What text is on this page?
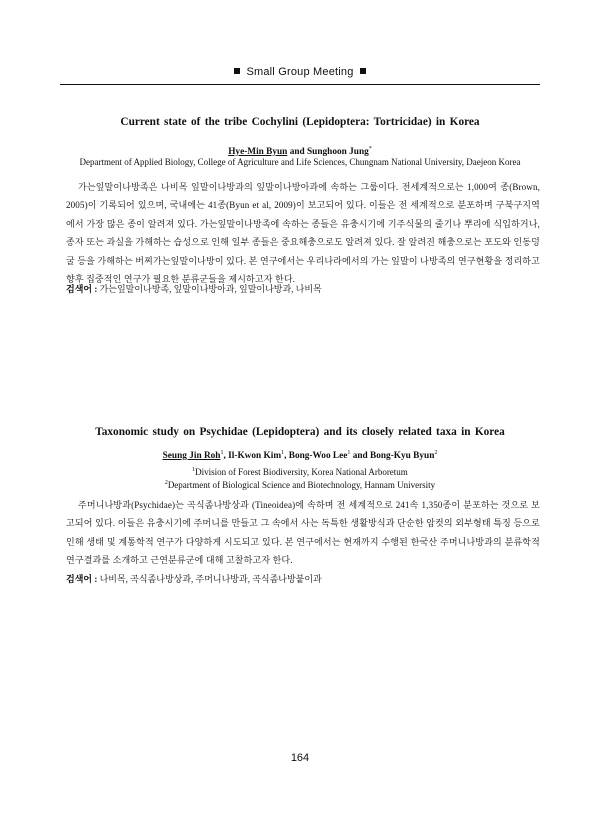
Small Group Meeting
Current state of the tribe Cochylini (Lepidoptera: Tortricidae) in Korea
Hye-Min Byun and Sunghoon Jung*
Department of Applied Biology, College of Agriculture and Life Sciences, Chungnam National University, Daejeon Korea
가는잎말이나방족은 나비목 잎말이나방과의 잎말이나방아과에 속하는 그룹이다. 전세계적으로는 1,000여 종(Brown, 2005)이 기록되어 있으며, 국내에는 41종(Byun et al, 2009)이 보고되어 있다. 이들은 전 세계적으로 분포하며 구북구지역에서 가장 많은 종이 알려져 있다. 가는잎말이나방족에 속하는 종들은 유충시기에 기주식물의 줄기나 뿌리에 식입하거나, 종자 또는 과실을 가해하는 습성으로 인해 일부 종들은 중요해충으로도 알려져 있다. 잘 알려진 해충으로는 포도와 인동덩굴 등을 가해하는 버찌가는잎말이나방이 있다. 본 연구에서는 우리나라에서의 가는 잎말이 나방족의 연구현황을 정리하고 향후 집중적인 연구가 필요한 분류군들을 제시하고자 한다.
검색어 : 가는잎말이나방족, 잎말이나방아과, 잎말이나방과, 나비목
Taxonomic study on Psychidae (Lepidoptera) and its closely related taxa in Korea
Seung Jin Roh$^1$, Il-Kwon Kim$^1$, Bong-Woo Lee$^1$ and Bong-Kyu Byun$^2$
$^1$Division of Forest Biodiversity, Korea National Arboretum
$^2$Department of Biological Science and Biotechnology, Hannam University
주머니나방과(Psychidae)는 곡식좀나방상과 (Tineoidea)에 속하며 전 세계적으로 241속 1,350종이 분포하는 것으로 보고되어 있다. 이들은 유충시기에 주머니를 만들고 그 속에서 사는 독특한 생활방식과 단순한 암컷의 외부형태 특징 등으로 인해 생태 및 계통학적 연구가 다양하게 시도되고 있다. 본 연구에서는 현재까지 수행된 한국산 주머니나방과의 분류학적 연구결과를 소개하고 근연분류군에 대해 고찰하고자 한다.
검색어 : 나비목, 곡식좀나방상과, 주머니나방과, 곡식좀나방붙이과
164
